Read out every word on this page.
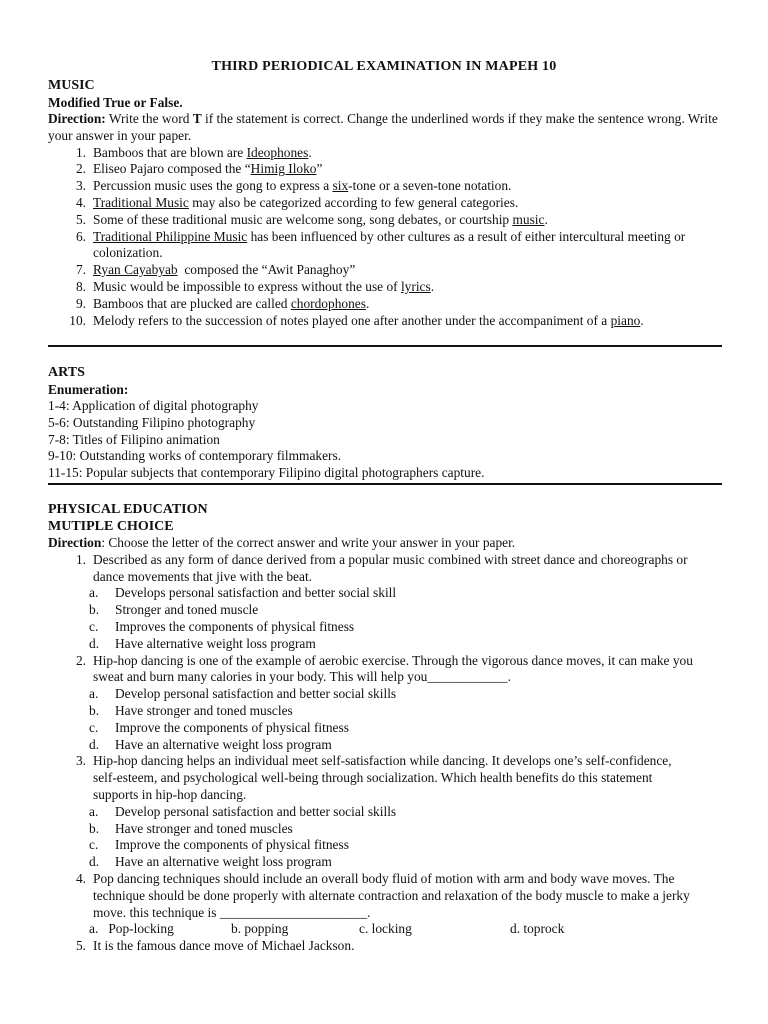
THIRD PERIODICAL EXAMINATION IN MAPEH 10
MUSIC
Modified True or False.
Direction: Write the word T if the statement is correct. Change the underlined words if they make the sentence wrong. Write your answer in your paper.
1. Bamboos that are blown are Ideophones.
2. Eliseo Pajaro composed the “Himig Iloko”
3. Percussion music uses the gong to express a six-tone or a seven-tone notation.
4. Traditional Music may also be categorized according to few general categories.
5. Some of these traditional music are welcome song, song debates, or courtship music.
6. Traditional Philippine Music has been influenced by other cultures as a result of either intercultural meeting or colonization.
7. Ryan Cayabyab  composed the “Awit Panaghoy”
8. Music would be impossible to express without the use of lyrics.
9. Bamboos that are plucked are called chordophones.
10. Melody refers to the succession of notes played one after another under the accompaniment of a piano.
ARTS
Enumeration:
1-4: Application of digital photography
5-6: Outstanding Filipino photography
7-8: Titles of Filipino animation
9-10: Outstanding works of contemporary filmmakers.
11-15: Popular subjects that contemporary Filipino digital photographers capture.
PHYSICAL EDUCATION
MUTIPLE CHOICE
Direction: Choose the letter of the correct answer and write your answer in your paper.
1. Described as any form of dance derived from a popular music combined with street dance and choreographs or dance movements that jive with the beat.
a. Develops personal satisfaction and better social skill
b. Stronger and toned muscle
c. Improves the components of physical fitness
d. Have alternative weight loss program
2. Hip-hop dancing is one of the example of aerobic exercise. Through the vigorous dance moves, it can make you sweat and burn many calories in your body. This will help you____________.
a. Develop personal satisfaction and better social skills
b. Have stronger and toned muscles
c. Improve the components of physical fitness
d. Have an alternative weight loss program
3. Hip-hop dancing helps an individual meet self-satisfaction while dancing. It develops one’s self-confidence, self-esteem, and psychological well-being through socialization. Which health benefits do this statement supports in hip-hop dancing.
a. Develop personal satisfaction and better social skills
b. Have stronger and toned muscles
c. Improve the components of physical fitness
d. Have an alternative weight loss program
4. Pop dancing techniques should include an overall body fluid of motion with arm and body wave moves. The technique should be done properly with alternate contraction and relaxation of the body muscle to make a jerky move. this technique is ______________________.
a.   Pop-locking	b. popping	c. locking	d. toprock
5. It is the famous dance move of Michael Jackson.
